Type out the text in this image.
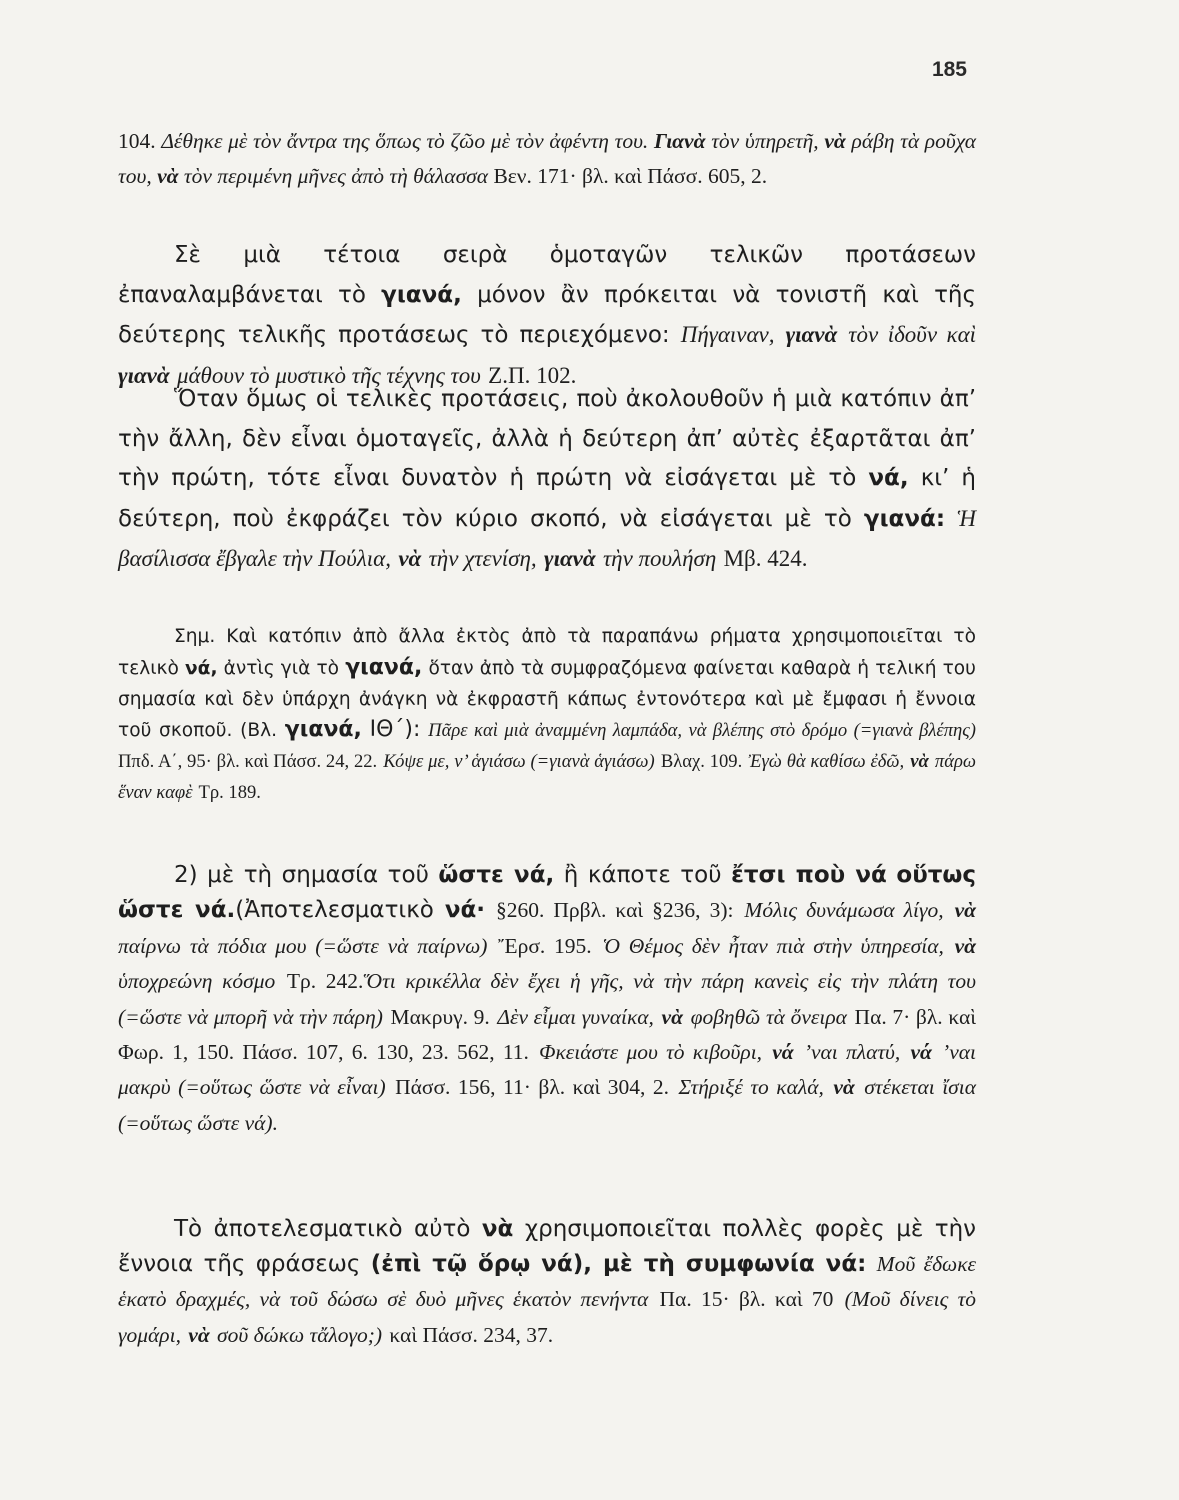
185

104. Δέθηκε μὲ τὸν ἄντρα της ὅπως τὸ ζῶο μὲ τὸν ἀφέντη του. Γιανὰ τὸν ὑπηρετῆ, νὰ ράβη τὰ ροῦχα του, νὰ τὸν περιμένη μῆνες ἀπὸ τὴ θάλασσα Βεν. 171· βλ. καὶ Πάσσ. 605, 2.

Σὲ μιὰ τέτοια σειρὰ ὁμοταγῶν τελικῶν προτάσεων ἐπαναλαμβάνεται τὸ γιανά, μόνον ἂν πρόκειται νὰ τονιστῆ καὶ τῆς δεύτερης τελικῆς προτάσεως τὸ περιεχόμενο: Πήγαιναν, γιανὰ τὸν ἰδοῦν καὶ γιανὰ μάθουν τὸ μυστικὸ τῆς τέχνης του Ζ.Π. 102.

Ὅταν ὅμως οἱ τελικὲς προτάσεις, ποὺ ἀκολουθοῦν ἡ μιὰ κατόπιν ἀπ’ τὴν ἄλλη, δὲν εἶναι ὁμοταγεῖς, ἀλλὰ ἡ δεύτερη ἀπ’ αὐτὲς ἐξαρτᾶται ἀπ’ τὴν πρώτη, τότε εἶναι δυνατὸν ἡ πρώτη νὰ εἰσάγεται μὲ τὸ νά, κι’ ἡ δεύτερη, ποὺ ἐκφράζει τὸν κύριο σκοπό, νὰ εἰσάγεται μὲ τὸ γιανά: Ἡ βασίλισσα ἔβγαλε τὴν Πούλια, νὰ τὴν χτενίση, γιανὰ τὴν πουλήση Μβ. 424.

Σημ. Καὶ κατόπιν ἀπὸ ἄλλα ἐκτὸς ἀπὸ τὰ παραπάνω ρήματα χρησιμοποιεῖται τὸ τελικὸ νά, ἀντὶς γιὰ τὸ γιανά, ὅταν ἀπὸ τὰ συμφραζόμενα φαίνεται καθαρὰ ἡ τελική του σημασία καὶ δὲν ὑπάρχη ἀνάγκη νὰ ἐκφραστῆ κάπως ἐντονότερα καὶ μὲ ἔμφασι ἡ ἔννοια τοῦ σκοποῦ. (Βλ. γιανά, ΙΘ΄): Πᾶρε καὶ μιὰ ἀναμμένη λαμπάδα, νὰ βλέπης στὸ δρόμο (=γιανὰ βλέπης) Ππδ. Α΄, 95· βλ. καὶ Πάσσ. 24, 22. Κόψε με, ν’ ἁγιάσω (=γιανὰ ἁγιάσω) Βλαχ. 109. Ἐγὼ θὰ καθίσω ἐδῶ, νὰ πάρω ἕναν καφὲ Τρ. 189.

2) μὲ τὴ σημασία τοῦ ὥστε νά, ἢ κάποτε τοῦ ἔτσι ποὺ νά οὕτως ὥστε νά.(Ἀποτελεσματικὸ νά· §260. Πρβλ. καὶ §236, 3): Μόλις δυνάμωσα λίγο, νὰ παίρνω τὰ πόδια μου (=ὥστε νὰ παίρνω) Ἔρσ. 195. Ὁ Θέμος δὲν ἦταν πιὰ στὴν ὑπηρεσία, νὰ ὑποχρεώνη κόσμο Τρ. 242.Ὅτι κρικέλλα δὲν ἔχει ἡ γῆς, νὰ τὴν πάρη κανεὶς εἰς τὴν πλάτη του (=ὥστε νὰ μπορῆ νὰ τὴν πάρη) Μακρυγ. 9. Δὲν εἶμαι γυναίκα, νὰ φοβηθῶ τὰ ὄνειρα Πα. 7· βλ. καὶ Φωρ. 1, 150. Πάσσ. 107, 6. 130, 23. 562, 11. Φκειάστε μου τὸ κιβοῦρι, νά ’ναι πλατύ, νά ’ναι μακρὺ (=οὕτως ὥστε νὰ εἶναι) Πάσσ. 156, 11· βλ. καὶ 304, 2. Στήριξέ το καλά, νὰ στέκεται ἴσια (=οὕτως ὥστε νά).

Τὸ ἀποτελεσματικὸ αὐτὸ νὰ χρησιμοποιεῖται πολλὲς φορὲς μὲ τὴν ἔννοια τῆς φράσεως (ἐπὶ τῷ ὅρῳ νά), μὲ τὴ συμφωνία νά: Μοῦ ἔδωκε ἑκατὸ δραχμές, νὰ τοῦ δώσω σὲ δυὸ μῆνες ἑκατὸν πενήντα Πα. 15· βλ. καὶ 70 (Μοῦ δίνεις τὸ γομάρι, νὰ σοῦ δώκω τἄλογο;) καὶ Πάσσ. 234, 37.
